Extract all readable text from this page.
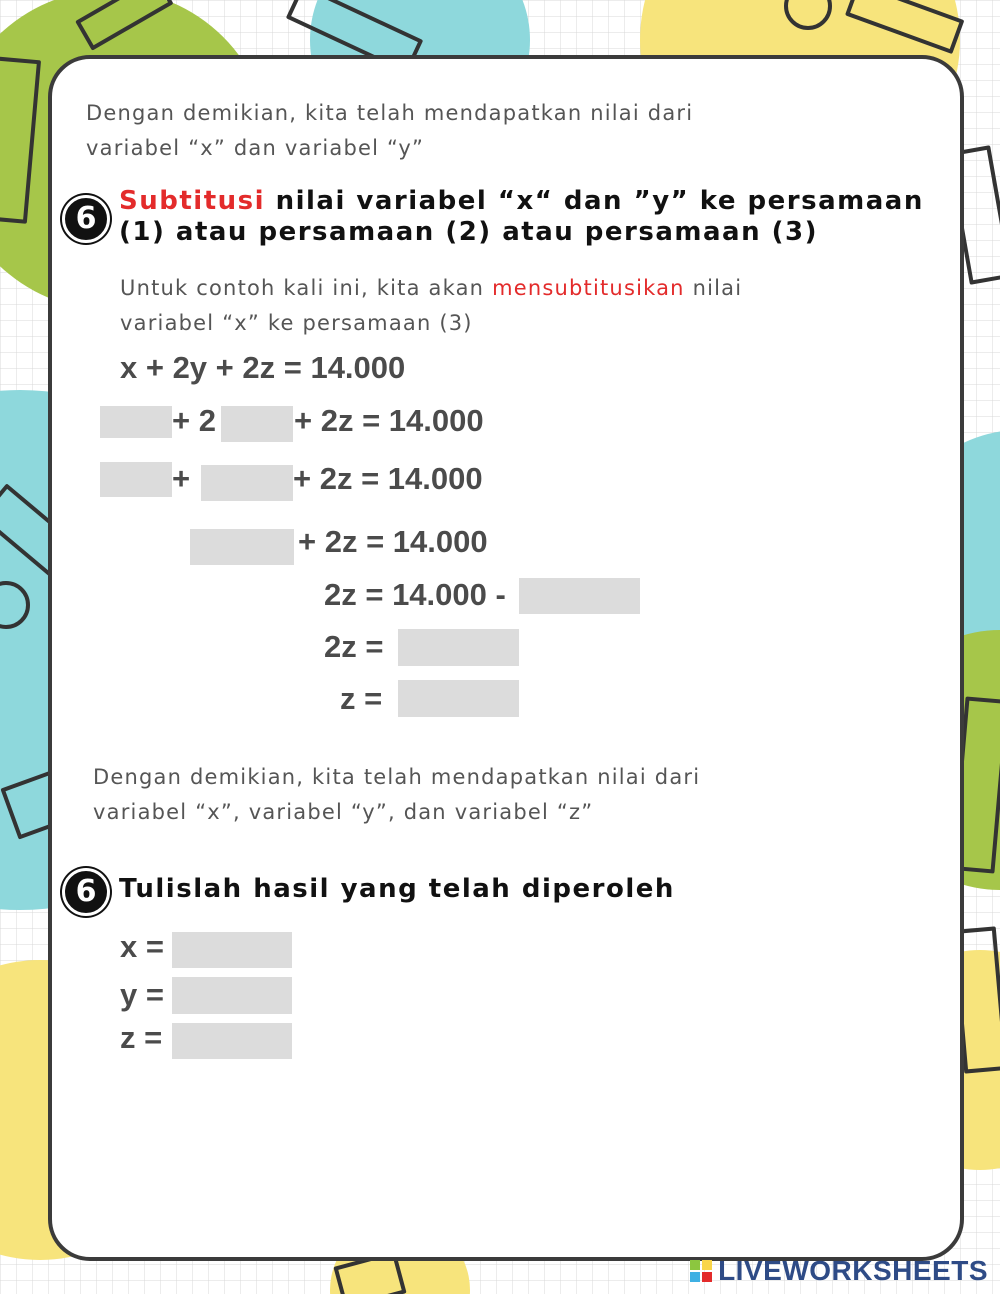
Dengan demikian, kita telah mendapatkan nilai dari

variabel “x” dan variabel “y”

6 Subtitusi nilai variabel “x“ dan ”y” ke persamaan

(1) atau persamaan (2) atau persamaan (3)

Untuk contoh kali ini, kita akan mensubtitusikan nilai

variabel “x” ke persamaan (3)

x + 2y + 2z = 14.000

+ 2	+ 2z = 14.000

+	+ 2z = 14.000

+ 2z = 14.000

2z = 14.000 -

2z =

z =

Dengan demikian, kita telah mendapatkan nilai dari

variabel “x”, variabel “y”, dan variabel “z”

6 Tulislah hasil yang telah diperoleh

x =

y =

z =

LIVEWORKSHEETS
